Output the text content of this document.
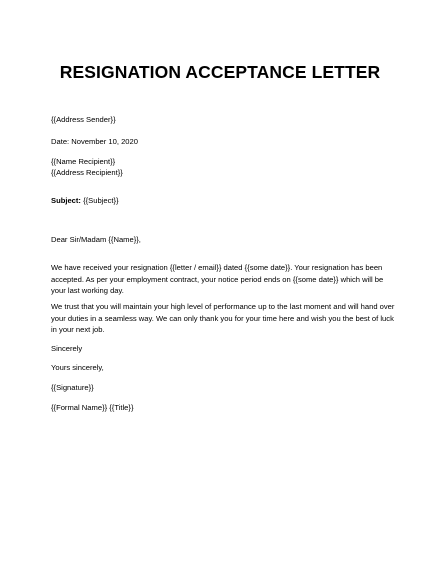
RESIGNATION ACCEPTANCE LETTER
{{Address Sender}}
Date: November 10, 2020
{{Name Recipient}}
{{Address Recipient}}
Subject: {{Subject}}
Dear Sir/Madam {{Name}},
We have received your resignation {{letter / email}} dated {{some date}}. Your resignation has been accepted. As per your employment contract, your notice period ends on {{some date}} which will be your last working day.
We trust that you will maintain your high level of performance up to the last moment and will hand over your duties in a seamless way. We can only thank you for your time here and wish you the best of luck in your next job.
Sincerely
Yours sincerely,
{{Signature}}
{{Formal Name}} {{Title}}
